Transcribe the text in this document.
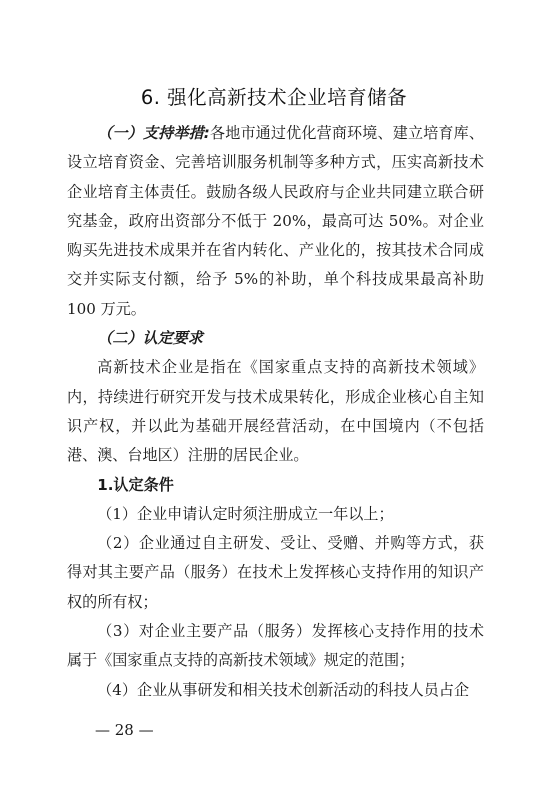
6. 强化高新技术企业培育储备

（一）支持举措:各地市通过优化营商环境、建立培育库、设立培育资金、完善培训服务机制等多种方式，压实高新技术企业培育主体责任。鼓励各级人民政府与企业共同建立联合研究基金，政府出资部分不低于 20%，最高可达 50%。对企业购买先进技术成果并在省内转化、产业化的，按其技术合同成交并实际支付额，给予 5%的补助，单个科技成果最高补助 100 万元。

（二）认定要求

高新技术企业是指在《国家重点支持的高新技术领域》内，持续进行研究开发与技术成果转化，形成企业核心自主知识产权，并以此为基础开展经营活动，在中国境内（不包括港、澳、台地区）注册的居民企业。

1.认定条件

（1）企业申请认定时须注册成立一年以上；

（2）企业通过自主研发、受让、受赠、并购等方式，获得对其主要产品（服务）在技术上发挥核心支持作用的知识产权的所有权；

（3）对企业主要产品（服务）发挥核心支持作用的技术属于《国家重点支持的高新技术领域》规定的范围；

（4）企业从事研发和相关技术创新活动的科技人员占企

— 28 —
